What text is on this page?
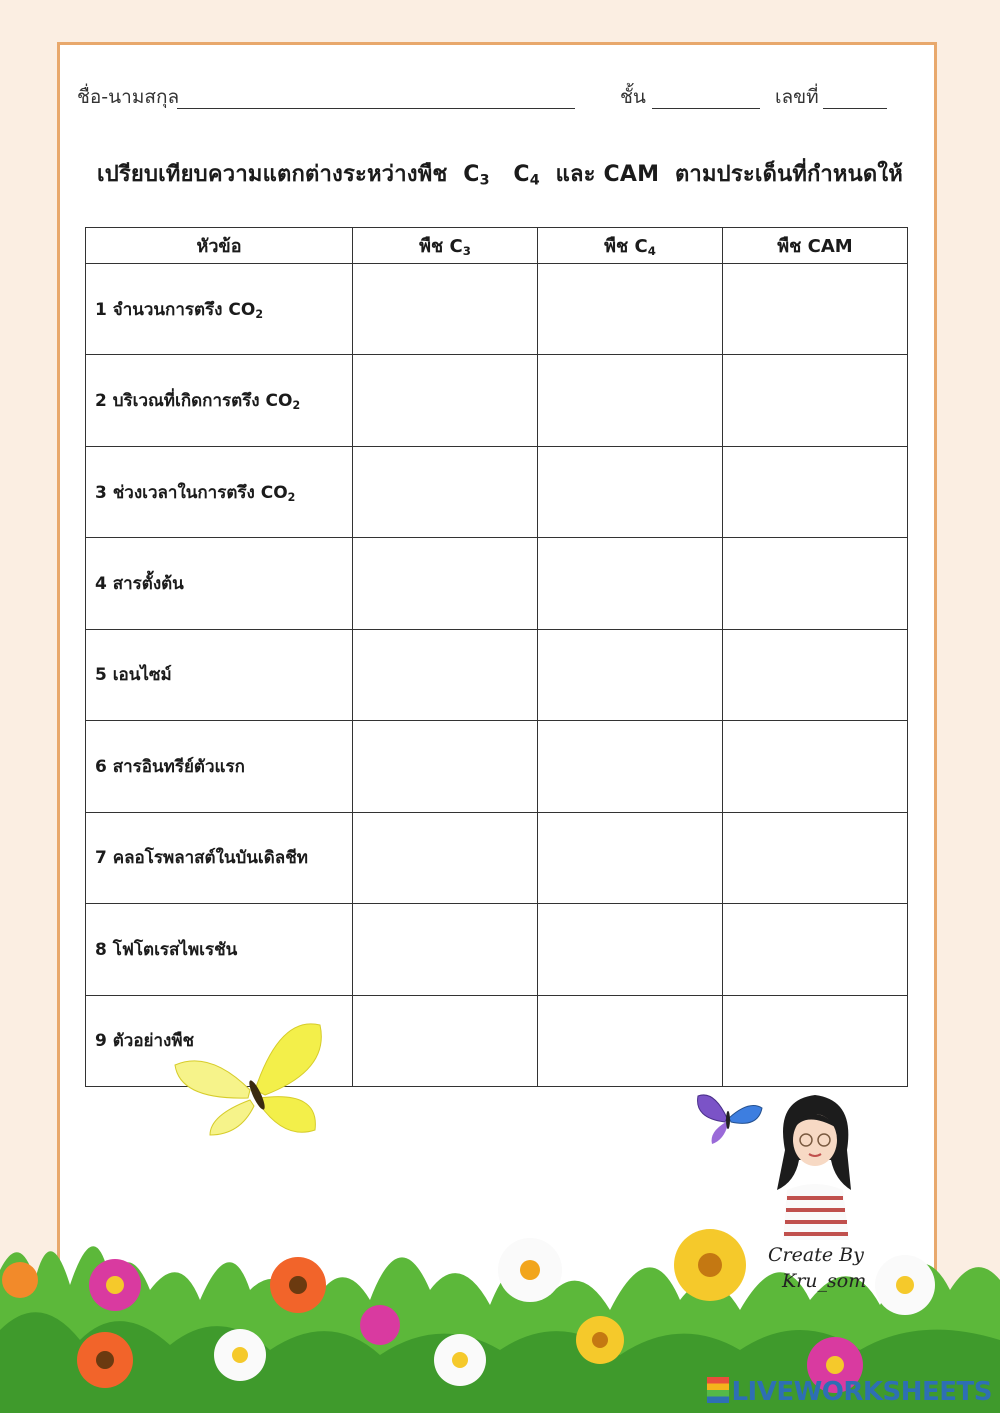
ชื่อ-นามสกุล	ชั้น	เลขที่
เปรียบเทียบความแตกต่างระหว่างพืช $C_3$ $C_4$ และ CAM ตามประเด็นที่กำหนดให้
หัวข้อ	พืช $C_3$	พืช $C_4$	พืช CAM
1 จำนวนการตรึง $CO_2$			
2 บริเวณที่เกิดการตรึง $CO_2$			
3 ช่วงเวลาในการตรึง $CO_2$			
4 สารตั้งต้น			
5 เอนไซม์			
6 สารอินทรีย์ตัวแรก			
7 คลอโรพลาสต์ในบันเดิลชีท			
8 โฟโตเรสไพเรชัน			
9 ตัวอย่างพืช			
Create By
Kru_som
LIVEWORKSHEETS
